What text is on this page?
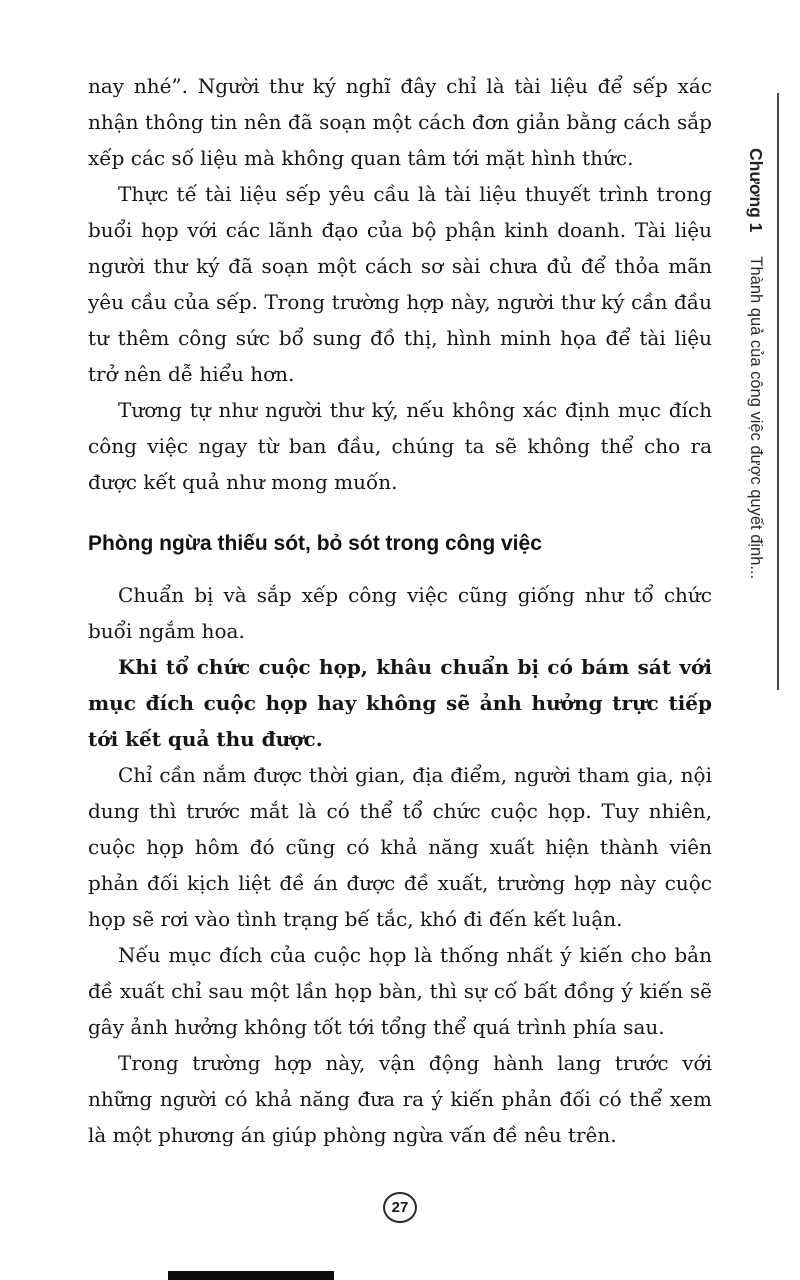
nay nhé”. Người thư ký nghĩ đây chỉ là tài liệu để sếp xác nhận thông tin nên đã soạn một cách đơn giản bằng cách sắp xếp các số liệu mà không quan tâm tới mặt hình thức.

Thực tế tài liệu sếp yêu cầu là tài liệu thuyết trình trong buổi họp với các lãnh đạo của bộ phận kinh doanh. Tài liệu người thư ký đã soạn một cách sơ sài chưa đủ để thỏa mãn yêu cầu của sếp. Trong trường hợp này, người thư ký cần đầu tư thêm công sức bổ sung đồ thị, hình minh họa để tài liệu trở nên dễ hiểu hơn.

Tương tự như người thư ký, nếu không xác định mục đích công việc ngay từ ban đầu, chúng ta sẽ không thể cho ra được kết quả như mong muốn.

Phòng ngừa thiếu sót, bỏ sót trong công việc

Chuẩn bị và sắp xếp công việc cũng giống như tổ chức buổi ngắm hoa.

Khi tổ chức cuộc họp, khâu chuẩn bị có bám sát với mục đích cuộc họp hay không sẽ ảnh hưởng trực tiếp tới kết quả thu được.

Chỉ cần nắm được thời gian, địa điểm, người tham gia, nội dung thì trước mắt là có thể tổ chức cuộc họp. Tuy nhiên, cuộc họp hôm đó cũng có khả năng xuất hiện thành viên phản đối kịch liệt đề án được đề xuất, trường hợp này cuộc họp sẽ rơi vào tình trạng bế tắc, khó đi đến kết luận.

Nếu mục đích của cuộc họp là thống nhất ý kiến cho bản đề xuất chỉ sau một lần họp bàn, thì sự cố bất đồng ý kiến sẽ gây ảnh hưởng không tốt tới tổng thể quá trình phía sau.

Trong trường hợp này, vận động hành lang trước với những người có khả năng đưa ra ý kiến phản đối có thể xem là một phương án giúp phòng ngừa vấn đề nêu trên.

Chương 1
Thành quả của công việc được quyết định...
27
